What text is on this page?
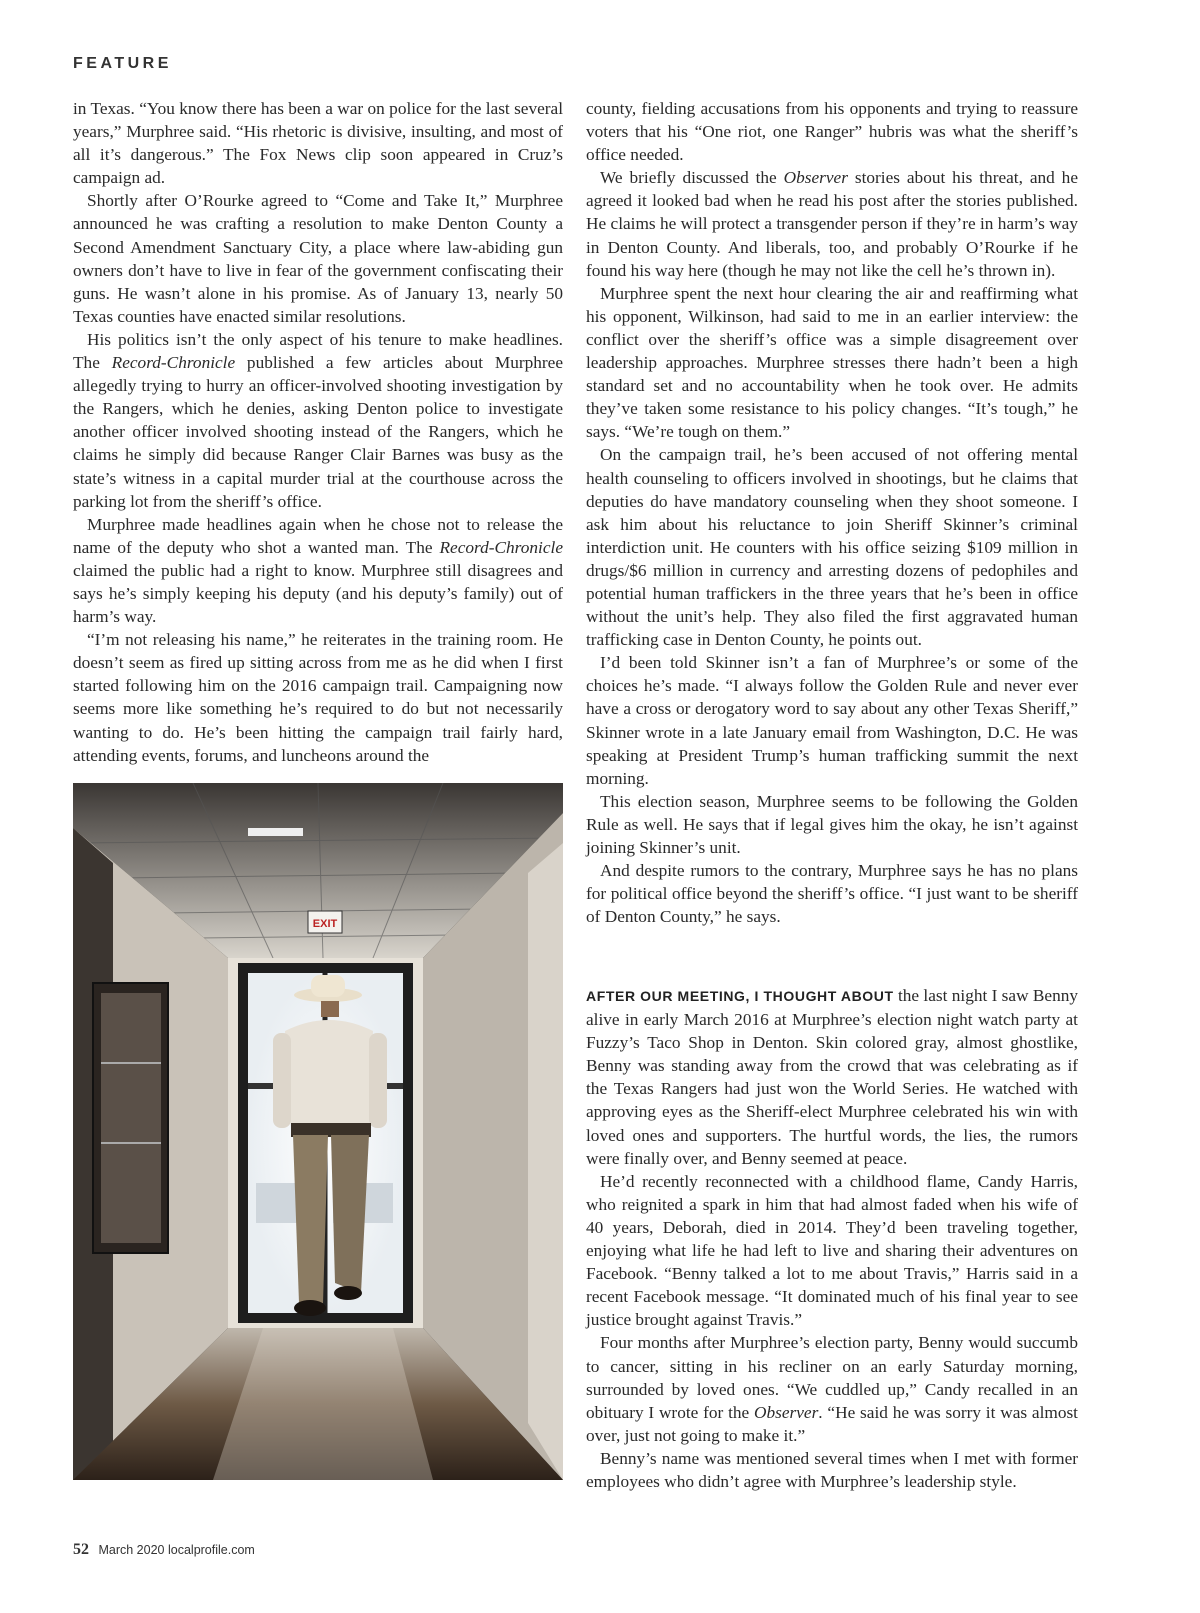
FEATURE

in Texas. “You know there has been a war on police for the last several years,” Murphree said. “His rhetoric is divisive, insulting, and most of all it’s dangerous.” The Fox News clip soon appeared in Cruz’s campaign ad.

Shortly after O’Rourke agreed to “Come and Take It,” Murphree announced he was crafting a resolution to make Denton County a Second Amendment Sanctuary City, a place where law-abiding gun owners don’t have to live in fear of the government confiscating their guns. He wasn’t alone in his promise. As of January 13, nearly 50 Texas counties have enacted similar resolutions.

His politics isn’t the only aspect of his tenure to make headlines. The Record-Chronicle published a few articles about Murphree allegedly trying to hurry an officer-involved shooting investigation by the Rangers, which he denies, asking Denton police to investigate another officer involved shooting instead of the Rangers, which he claims he simply did because Ranger Clair Barnes was busy as the state’s witness in a capital murder trial at the courthouse across the parking lot from the sheriff’s office.

Murphree made headlines again when he chose not to release the name of the deputy who shot a wanted man. The Record-Chronicle claimed the public had a right to know. Murphree still disagrees and says he’s simply keeping his deputy (and his deputy’s family) out of harm’s way.

“I’m not releasing his name,” he reiterates in the training room. He doesn’t seem as fired up sitting across from me as he did when I first started following him on the 2016 campaign trail. Campaigning now seems more like something he’s required to do but not necessarily wanting to do. He’s been hitting the campaign trail fairly hard, attending events, forums, and luncheons around the

EXIT

county, fielding accusations from his opponents and trying to reassure voters that his “One riot, one Ranger” hubris was what the sheriff’s office needed.

We briefly discussed the Observer stories about his threat, and he agreed it looked bad when he read his post after the stories published. He claims he will protect a transgender person if they’re in harm’s way in Denton County. And liberals, too, and probably O’Rourke if he found his way here (though he may not like the cell he’s thrown in).

Murphree spent the next hour clearing the air and reaffirming what his opponent, Wilkinson, had said to me in an earlier interview: the conflict over the sheriff’s office was a simple disagreement over leadership approaches. Murphree stresses there hadn’t been a high standard set and no accountability when he took over. He admits they’ve taken some resistance to his policy changes. “It’s tough,” he says. “We’re tough on them.”

On the campaign trail, he’s been accused of not offering mental health counseling to officers involved in shootings, but he claims that deputies do have mandatory counseling when they shoot someone. I ask him about his reluctance to join Sheriff Skinner’s criminal interdiction unit. He counters with his office seizing $109 million in drugs/$6 million in currency and arresting dozens of pedophiles and potential human traffickers in the three years that he’s been in office without the unit’s help. They also filed the first aggravated human trafficking case in Denton County, he points out.

I’d been told Skinner isn’t a fan of Murphree’s or some of the choices he’s made. “I always follow the Golden Rule and never ever have a cross or derogatory word to say about any other Texas Sheriff,” Skinner wrote in a late January email from Washington, D.C. He was speaking at President Trump’s human trafficking summit the next morning.

This election season, Murphree seems to be following the Golden Rule as well. He says that if legal gives him the okay, he isn’t against joining Skinner’s unit.

And despite rumors to the contrary, Murphree says he has no plans for political office beyond the sheriff’s office. “I just want to be sheriff of Denton County,” he says.

AFTER OUR MEETING, I THOUGHT ABOUT the last night I saw Benny alive in early March 2016 at Murphree’s election night watch party at Fuzzy’s Taco Shop in Denton. Skin colored gray, almost ghostlike, Benny was standing away from the crowd that was celebrating as if the Texas Rangers had just won the World Series. He watched with approving eyes as the Sheriff-elect Murphree celebrated his win with loved ones and supporters. The hurtful words, the lies, the rumors were finally over, and Benny seemed at peace.

He’d recently reconnected with a childhood flame, Candy Harris, who reignited a spark in him that had almost faded when his wife of 40 years, Deborah, died in 2014. They’d been traveling together, enjoying what life he had left to live and sharing their adventures on Facebook. “Benny talked a lot to me about Travis,” Harris said in a recent Facebook message. “It dominated much of his final year to see justice brought against Travis.”

Four months after Murphree’s election party, Benny would succumb to cancer, sitting in his recliner on an early Saturday morning, surrounded by loved ones. “We cuddled up,” Candy recalled in an obituary I wrote for the Observer. “He said he was sorry it was almost over, just not going to make it.”

Benny’s name was mentioned several times when I met with former employees who didn’t agree with Murphree’s leadership style.

52 March 2020 localprofile.com
